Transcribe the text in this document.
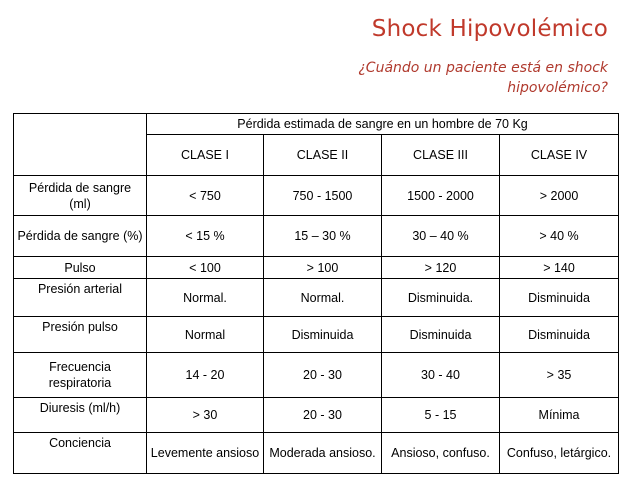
Shock Hipovolémico
¿Cuándo un paciente está en shock hipovolémico?
	Pérdida estimada de sangre en un hombre de 70 Kg			
	CLASE I	CLASE II	CLASE III	CLASE IV
Pérdida de sangre (ml)	< 750	750 - 1500	1500 - 2000	> 2000
Pérdida de sangre (%)	< 15 %	15 – 30 %	30 – 40 %	> 40 %
Pulso	< 100	> 100	> 120	> 140
Presión arterial	Normal.	Normal.	Disminuida.	Disminuida
Presión pulso	Normal	Disminuida	Disminuida	Disminuida
Frecuencia respiratoria	14 - 20	20 - 30	30 - 40	> 35
Diuresis (ml/h)	> 30	20 - 30	5 - 15	Mínima
Conciencia	Levemente ansioso	Moderada ansioso.	Ansioso, confuso.	Confuso, letárgico.
